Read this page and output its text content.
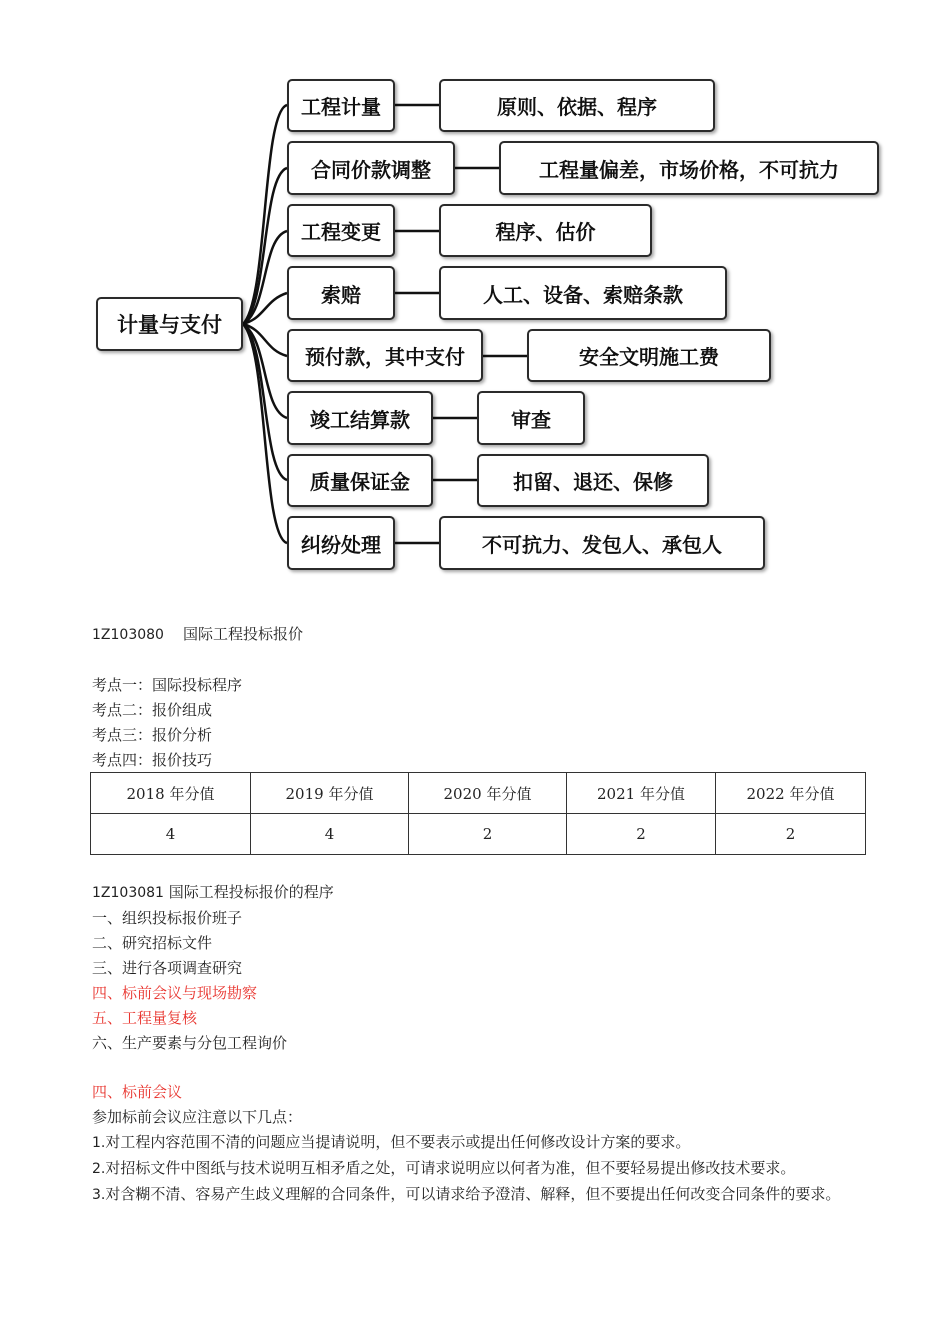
计量与支付
工程计量	原则、依据、程序
合同价款调整	工程量偏差，市场价格，不可抗力
工程变更	程序、估价
索赔	人工、设备、索赔条款
预付款，其中支付	安全文明施工费
竣工结算款	审查
质量保证金	扣留、退还、保修
纠纷处理	不可抗力、发包人、承包人
1Z103080 国际工程投标报价
考点一：国际投标程序
考点二：报价组成
考点三：报价分析
考点四：报价技巧
2018 年分值	2019 年分值	2020 年分值	2021 年分值	2022 年分值
4	4	2	2	2
1Z103081 国际工程投标报价的程序
一、组织投标报价班子
二、研究招标文件
三、进行各项调查研究
四、标前会议与现场勘察
五、工程量复核
六、生产要素与分包工程询价
四、标前会议
参加标前会议应注意以下几点：
1.对工程内容范围不清的问题应当提请说明，但不要表示或提出任何修改设计方案的要求。
2.对招标文件中图纸与技术说明互相矛盾之处，可请求说明应以何者为准，但不要轻易提出修改技术要求。
3.对含糊不清、容易产生歧义理解的合同条件，可以请求给予澄清、解释，但不要提出任何改变合同条件的要求。
